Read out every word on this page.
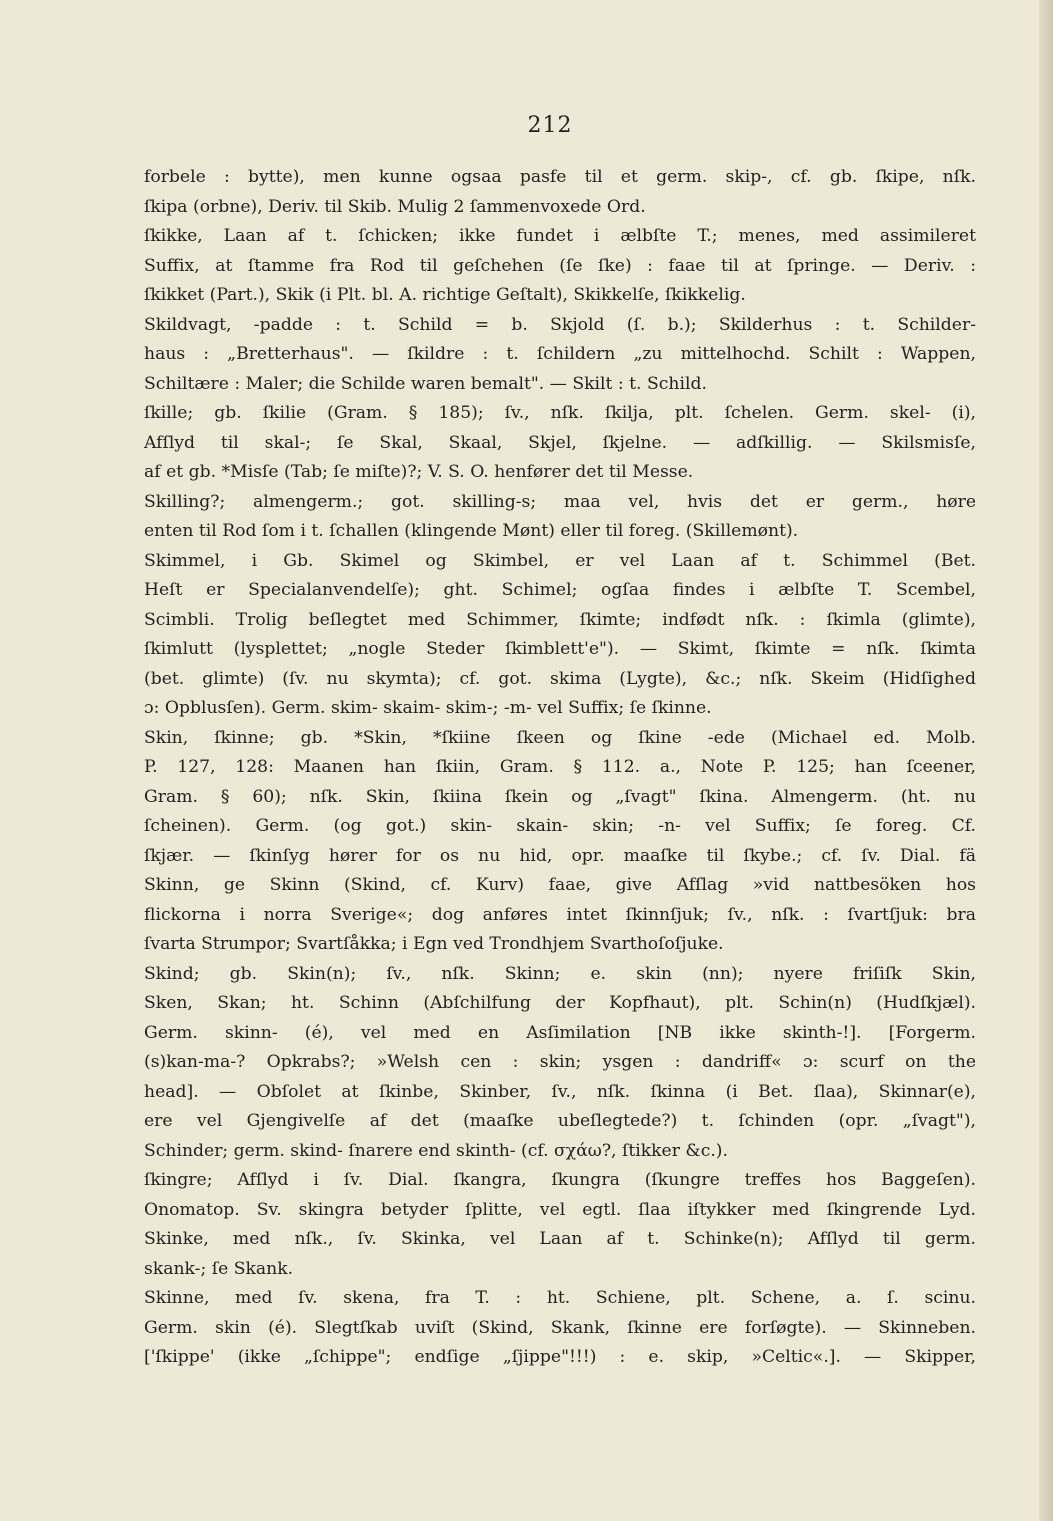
212
forbele : bytte), men kunne ogsaa pasfe til et germ. skip-, cf. gb. ſkipe, nſk.
ſkipa (orbne), Deriv. til Skib. Mulig 2 ſammenvoxede Ord.
ſkikke, Laan af t. ſchicken; ikke fundet i ælbſte T.; menes, med assimileret
Suffix, at ſtamme fra Rod til geſchehen (ſe ſke) : faae til at ſpringe. — Deriv. :
ſkikket (Part.), Skik (i Plt. bl. A. richtige Geſtalt), Skikkelſe, ſkikkelig.
Skildvagt, -padde : t. Schild = b. Skjold (ſ. b.); Skilderhus : t. Schilder-
haus : „Bretterhaus". — ſkildre : t. ſchildern „zu mittelhochd. Schilt : Wappen,
Schiltære : Maler; die Schilde waren bemalt". — Skilt : t. Schild.
ſkille; gb. ſkilie (Gram. § 185); ſv., nſk. ſkilja, plt. ſchelen. Germ. skel- (i),
Afſlyd til skal-; ſe Skal, Skaal, Skjel, ſkjelne. — adſkillig. — Skilsmisſe,
af et gb. *Misſe (Tab; ſe miſte)?; V. S. O. henfører det til Messe.
Skilling?; almengerm.; got. skilling-s; maa vel, hvis det er germ., høre
enten til Rod ſom i t. ſchallen (klingende Mønt) eller til foreg. (Skillemønt).
Skimmel, i Gb. Skimel og Skimbel, er vel Laan af t. Schimmel (Bet.
Heſt er Specialanvendelſe); ght. Schimel; ogſaa findes i ælbſte T. Scembel,
Scimbli. Trolig beſlegtet med Schimmer, ſkimte; indfødt nſk. : ſkimla (glimte),
ſkimlutt (lysplettet; „nogle Steder ſkimblett'e"). — Skimt, ſkimte = nſk. ſkimta
(bet. glimte) (ſv. nu skymta); cf. got. skima (Lygte), &c.; nſk. Skeim (Hidſighed
ɔ: Opblusſen). Germ. skim- skaim- skim-; -m- vel Suffix; ſe ſkinne.
Skin, ſkinne; gb. *Skin, *ſkiine ſkeen og ſkine -ede (Michael ed. Molb.
P. 127, 128: Maanen han ſkiin, Gram. § 112. a., Note P. 125; han ſceener,
Gram. § 60); nſk. Skin, ſkiina ſkein og „ſvagt" ſkina. Almengerm. (ht. nu
ſcheinen). Germ. (og got.) skin- skain- skin; -n- vel Suffix; ſe foreg. Cf.
ſkjær. — ſkinſyg hører for os nu hid, opr. maaſke til ſkybe.; cf. ſv. Dial. fä
Skinn, ge Skinn (Skind, cf. Kurv) faae, give Afſlag »vid nattbesöken hos
flickorna i norra Sverige«; dog anføres intet ſkinnſjuk; ſv., nſk. : ſvartſjuk: bra
ſvarta Strumpor; Svartſåkka; i Egn ved Trondhjem Svarthoſoſjuke.
Skind; gb. Skin(n); ſv., nſk. Skinn; e. skin (nn); nyere friſiſk Skin,
Sken, Skan; ht. Schinn (Abſchilfung der Kopfhaut), plt. Schin(n) (Hudſkjæl).
Germ. skinn- (é), vel med en Asſimilation [NB ikke skinth-!]. [Forgerm.
(s)kan-ma-? Opkrabs?; »Welsh cen : skin; ysgen : dandriff« ɔ: scurf on the
head]. — Obſolet at ſkinbe, Skinber, ſv., nſk. ſkinna (i Bet. ſlaa), Skinnar(e),
ere vel Gjengivelſe af det (maaſke ubeſlegtede?) t. ſchinden (opr. „ſvagt"),
Schinder; germ. skind- ſnarere end skinth- (cf. σχάω?, ſtikker &c.).
ſkingre; Afſlyd i ſv. Dial. ſkangra, ſkungra (ſkungre treffes hos Baggeſen).
Onomatop. Sv. skingra betyder ſplitte, vel egtl. ſlaa iſtykker med ſkingrende Lyd.
Skinke, med nſk., ſv. Skinka, vel Laan af t. Schinke(n); Afſlyd til germ.
skank-; ſe Skank.
Skinne, med ſv. skena, fra T. : ht. Schiene, plt. Schene, a. ſ. scinu.
Germ. skin (é). Slegtſkab uviſt (Skind, Skank, ſkinne ere forſøgte). — Skinneben.
['ſkippe' (ikke „ſchippe"; endſige „ſjippe"!!!) : e. skip, »Celtic«.]. — Skipper,
